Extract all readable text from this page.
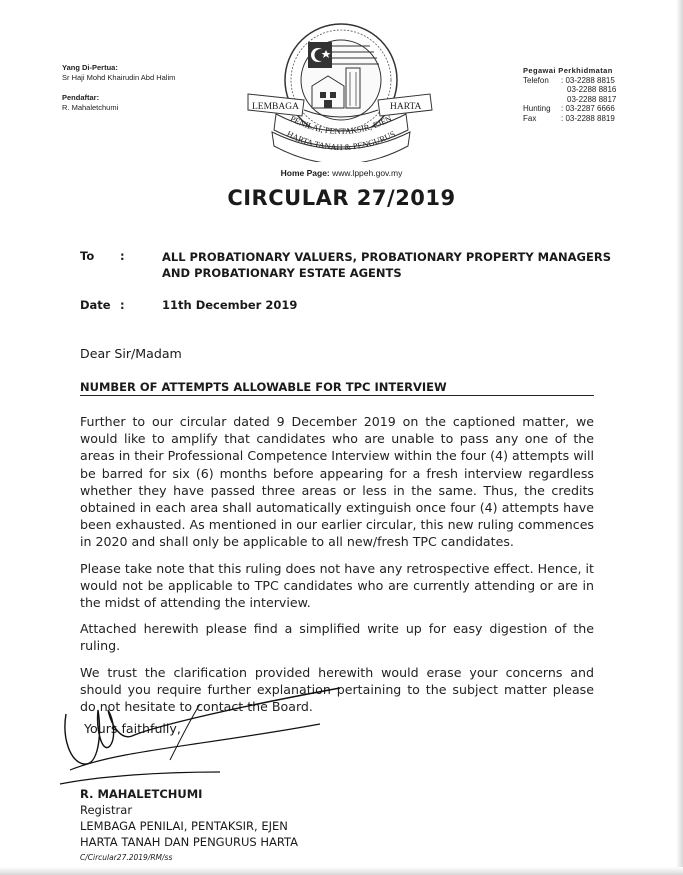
Yang Di-Pertua:
Sr Haji Mohd Khairudin Abd Halim
Pendaftar:
R. Mahaletchumi	LEMBAGA	HARTA
PENILAI, PENTAKSIR, EJEN
HARTA TANAH & PENGURUS
Pegawai Perkhidmatan
Telefon	: 03-2288 8815
03-2288 8816
03-2288 8817
Hunting	: 03-2287 6666
Fax	: 03-2288 8819
Home Page: www.lppeh.gov.my
CIRCULAR 27/2019
To :	ALL PROBATIONARY VALUERS, PROBATIONARY PROPERTY MANAGERS
AND PROBATIONARY ESTATE AGENTS
Date :	11th December 2019
Dear Sir/Madam
NUMBER OF ATTEMPTS ALLOWABLE FOR TPC INTERVIEW

Further to our circular dated 9 December 2019 on the captioned matter, we would like to amplify that candidates who are unable to pass any one of the areas in their Professional Competence Interview within the four (4) attempts will be barred for six (6) months before appearing for a fresh interview regardless whether they have passed three areas or less in the same. Thus, the credits obtained in each area shall automatically extinguish once four (4) attempts have been exhausted. As mentioned in our earlier circular, this new ruling commences in 2020 and shall only be applicable to all new/fresh TPC candidates.

Please take note that this ruling does not have any retrospective effect. Hence, it would not be applicable to TPC candidates who are currently attending or are in the midst of attending the interview.

Attached herewith please find a simplified write up for easy digestion of the ruling.

We trust the clarification provided herewith would erase your concerns and should you require further explanation pertaining to the subject matter please do not hesitate to contact the Board.

Yours faithfully,
R. MAHALETCHUMI
Registrar
LEMBAGA PENILAI, PENTAKSIR, EJEN
HARTA TANAH DAN PENGURUS HARTA
C/Circular27.2019/RM/ss
